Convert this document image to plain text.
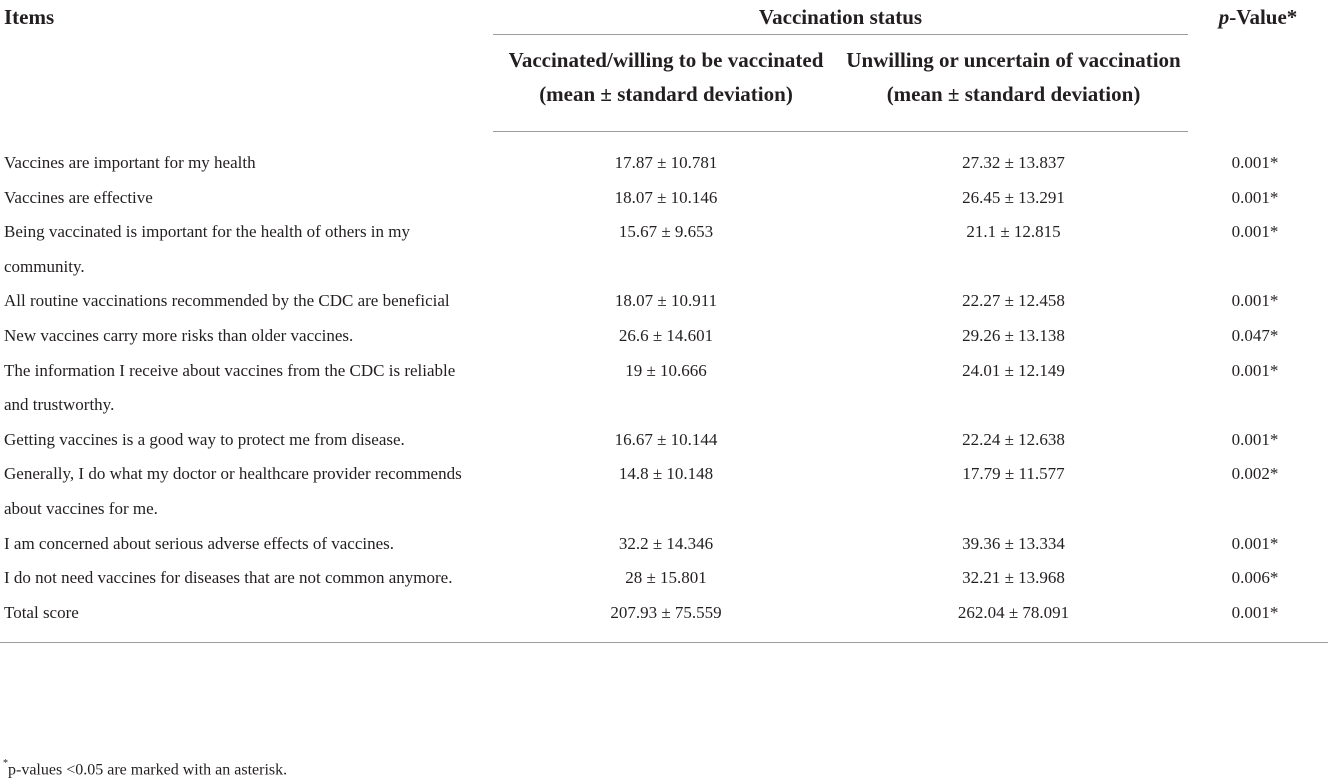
Items	Vaccination status		p-Value*
	Vaccinated/willing to be vaccinated (mean ± standard deviation)	Unwilling or uncertain of vaccination (mean ± standard deviation)	
Vaccines are important for my health	17.87 ± 10.781	27.32 ± 13.837	0.001*
Vaccines are effective	18.07 ± 10.146	26.45 ± 13.291	0.001*
Being vaccinated is important for the health of others in my community.	15.67 ± 9.653	21.1 ± 12.815	0.001*
All routine vaccinations recommended by the CDC are beneficial	18.07 ± 10.911	22.27 ± 12.458	0.001*
New vaccines carry more risks than older vaccines.	26.6 ± 14.601	29.26 ± 13.138	0.047*
The information I receive about vaccines from the CDC is reliable and trustworthy.	19 ± 10.666	24.01 ± 12.149	0.001*
Getting vaccines is a good way to protect me from disease.	16.67 ± 10.144	22.24 ± 12.638	0.001*
Generally, I do what my doctor or healthcare provider recommends about vaccines for me.	14.8 ± 10.148	17.79 ± 11.577	0.002*
I am concerned about serious adverse effects of vaccines.	32.2 ± 14.346	39.36 ± 13.334	0.001*
I do not need vaccines for diseases that are not common anymore.	28 ± 15.801	32.21 ± 13.968	0.006*
Total score	207.93 ± 75.559	262.04 ± 78.091	0.001*
*p-values <0.05 are marked with an asterisk.
